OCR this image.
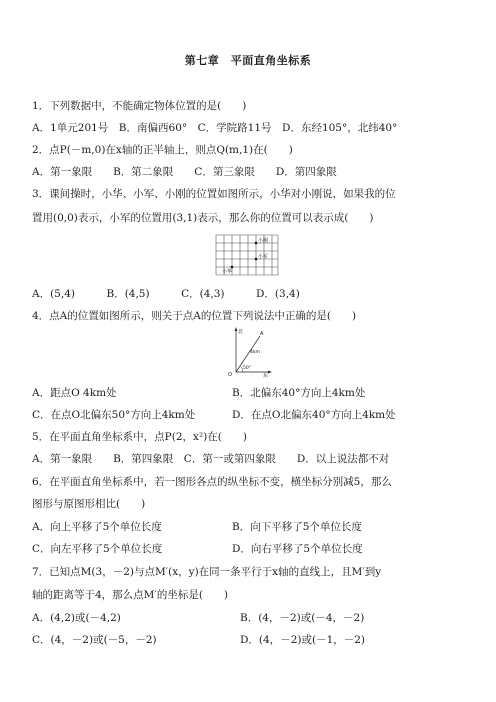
第七章　平面直角坐标系
1．下列数据中，不能确定物体位置的是(　　)
A．1单元201号　B．南偏西60°　C．学院路11号　D．东经105°，北纬40°
2．点P(－m,0)在x轴的正半轴上，则点Q(m,1)在(　　)
A．第一象限　　B．第二象限　　C．第三象限　　D．第四象限
3．课间操时，小华、小军、小刚的位置如图所示，小华对小刚说，如果我的位
置用(0,0)表示，小军的位置用(3,1)表示，那么你的位置可以表示成(　　)
小刚
小军
小华
A．(5,4)　　　B．(4,5)　　　C．(4,3)　　　D．(3,4)
4．点A的位置如图所示，则关于点A的位置下列说法中正确的是(　　)
北	A
4km
50°
O	东
A．距点O 4km处	B．北偏东40°方向上4km处
C．在点O北偏东50°方向上4km处	D．在点O北偏东40°方向上4km处
5．在平面直角坐标系中，点P(2，x²)在(　　)
A．第一象限　　B．第四象限　C．第一或第四象限　　D．以上说法都不对
6．在平面直角坐标系中，若一图形各点的纵坐标不变，横坐标分别减5，那么
图形与原图形相比(　　)
A．向上平移了5个单位长度	B．向下平移了5个单位长度
C．向左平移了5个单位长度	D．向右平移了5个单位长度
7．已知点M(3，－2)与点M′(x，y)在同一条平行于x轴的直线上，且M′到y
轴的距离等于4，那么点M′的坐标是(　　)
A．(4,2)或(－4,2)	B．(4，－2)或(－4，－2)
C．(4，－2)或(－5，－2)	D．(4，－2)或(－1，－2)
